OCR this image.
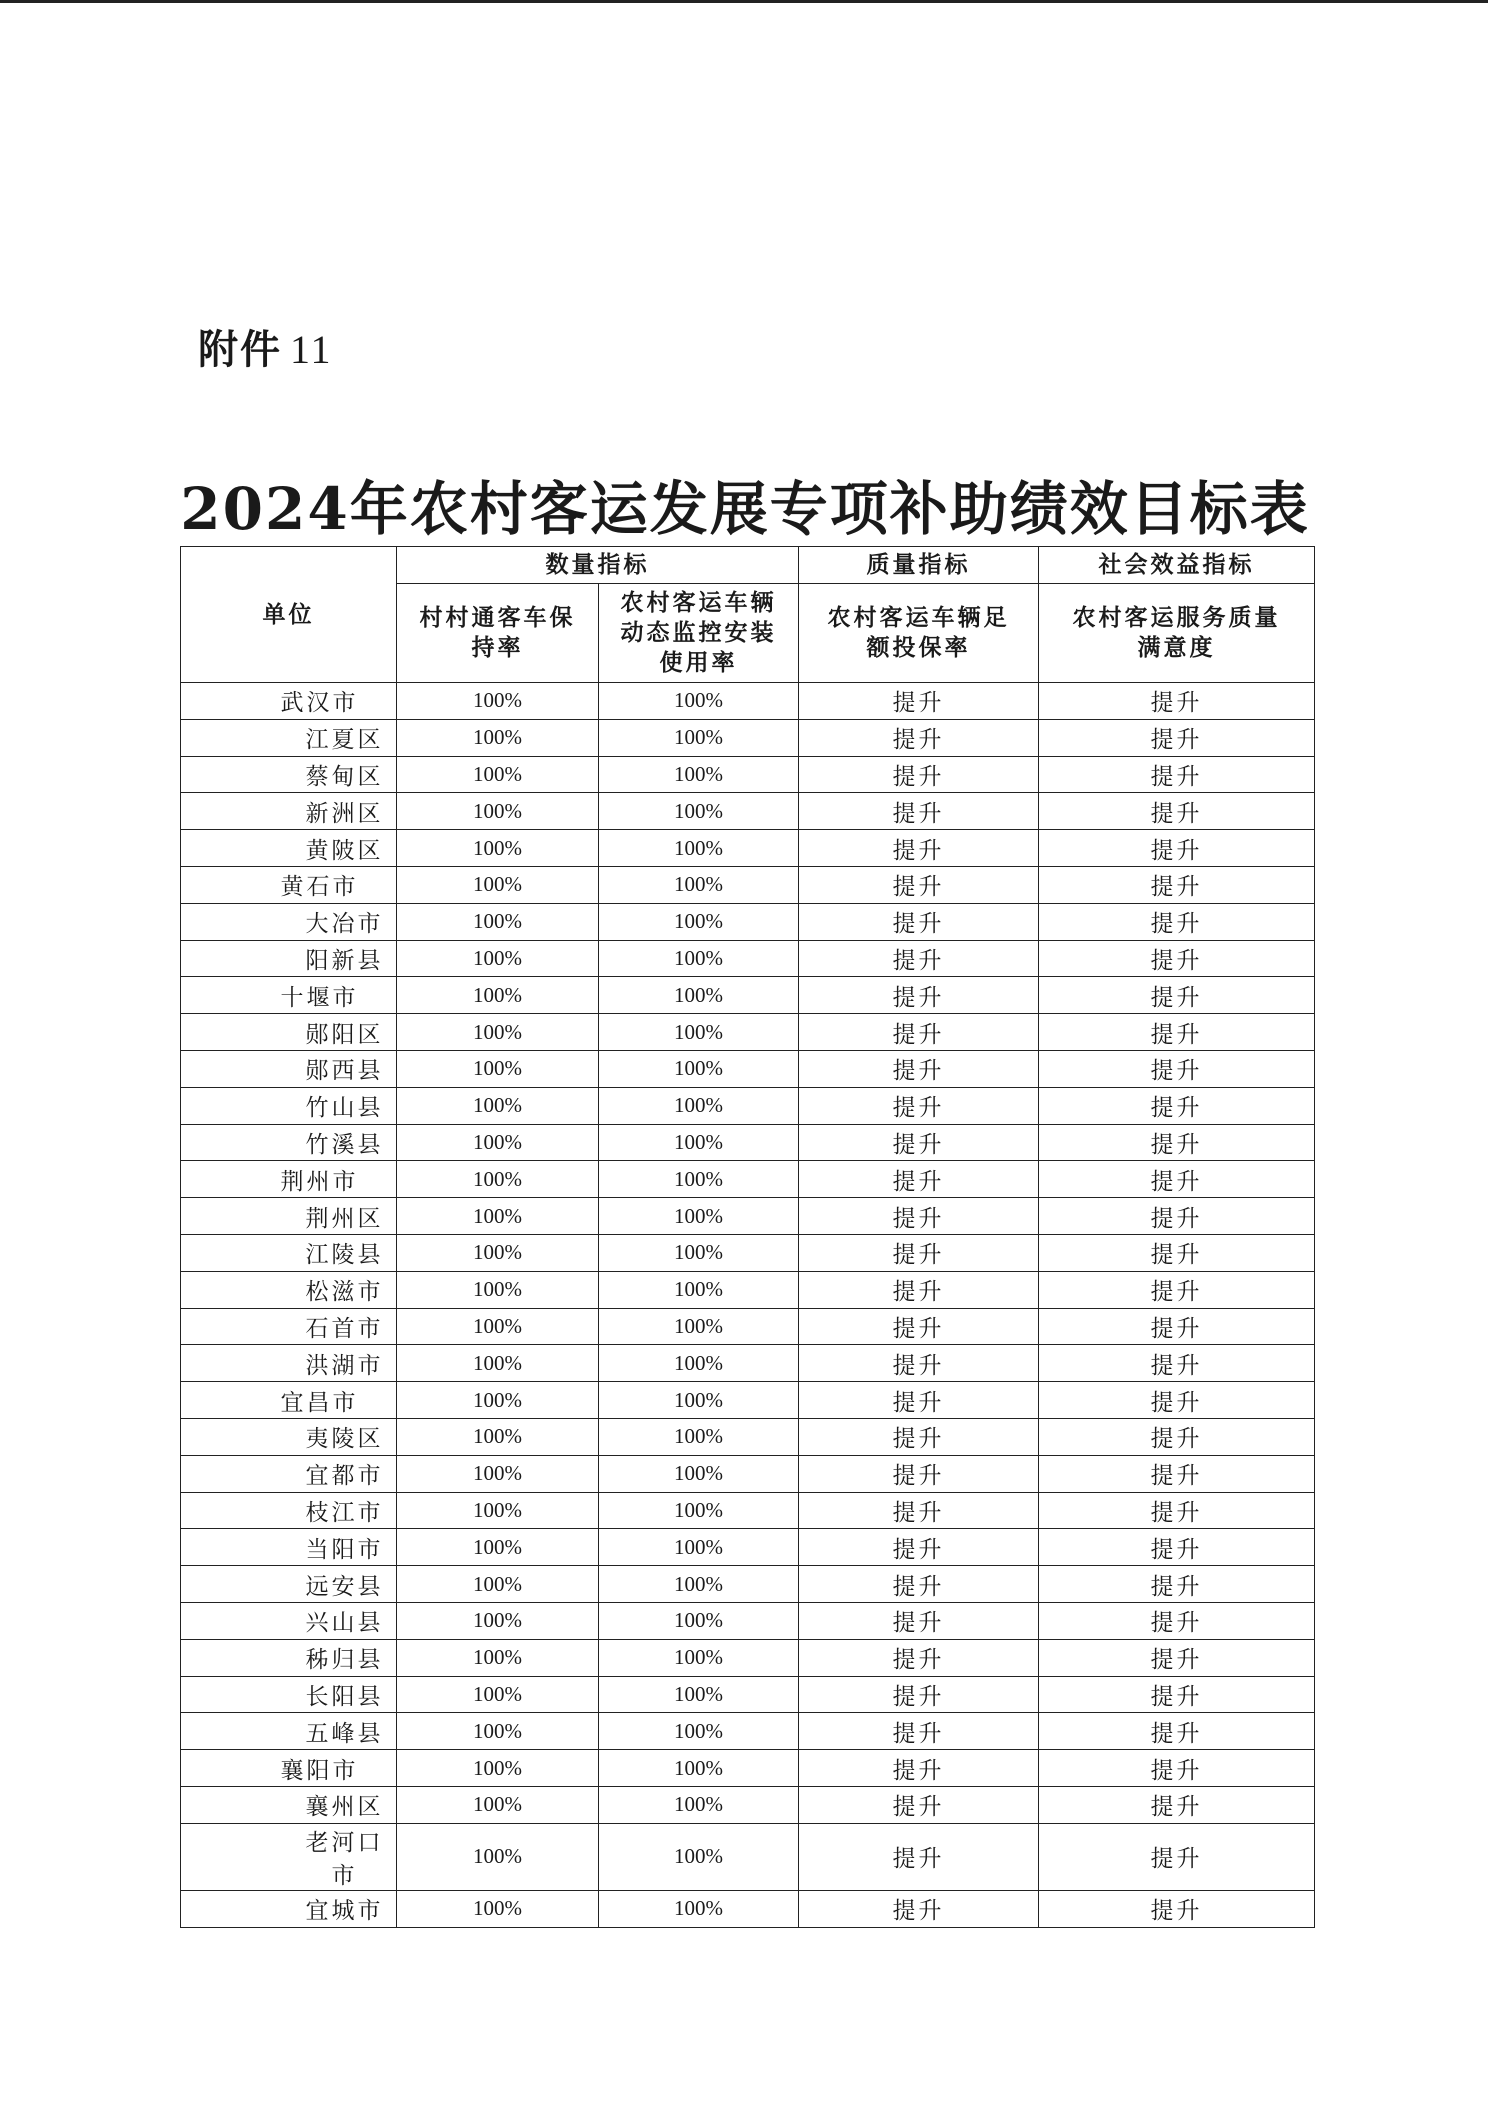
附件 11
2024年农村客运发展专项补助绩效目标表
单位	数量指标		质量指标	社会效益指标
	村村通客车保持率	农村客运车辆动态监控安装使用率	农村客运车辆足额投保率	农村客运服务质量满意度
武汉市	100%	100%	提升	提升
江夏区	100%	100%	提升	提升
蔡甸区	100%	100%	提升	提升
新洲区	100%	100%	提升	提升
黄陂区	100%	100%	提升	提升
黄石市	100%	100%	提升	提升
大冶市	100%	100%	提升	提升
阳新县	100%	100%	提升	提升
十堰市	100%	100%	提升	提升
郧阳区	100%	100%	提升	提升
郧西县	100%	100%	提升	提升
竹山县	100%	100%	提升	提升
竹溪县	100%	100%	提升	提升
荆州市	100%	100%	提升	提升
荆州区	100%	100%	提升	提升
江陵县	100%	100%	提升	提升
松滋市	100%	100%	提升	提升
石首市	100%	100%	提升	提升
洪湖市	100%	100%	提升	提升
宜昌市	100%	100%	提升	提升
夷陵区	100%	100%	提升	提升
宜都市	100%	100%	提升	提升
枝江市	100%	100%	提升	提升
当阳市	100%	100%	提升	提升
远安县	100%	100%	提升	提升
兴山县	100%	100%	提升	提升
秭归县	100%	100%	提升	提升
长阳县	100%	100%	提升	提升
五峰县	100%	100%	提升	提升
襄阳市	100%	100%	提升	提升
襄州区	100%	100%	提升	提升
老河口市	100%	100%	提升	提升
宜城市	100%	100%	提升	提升
